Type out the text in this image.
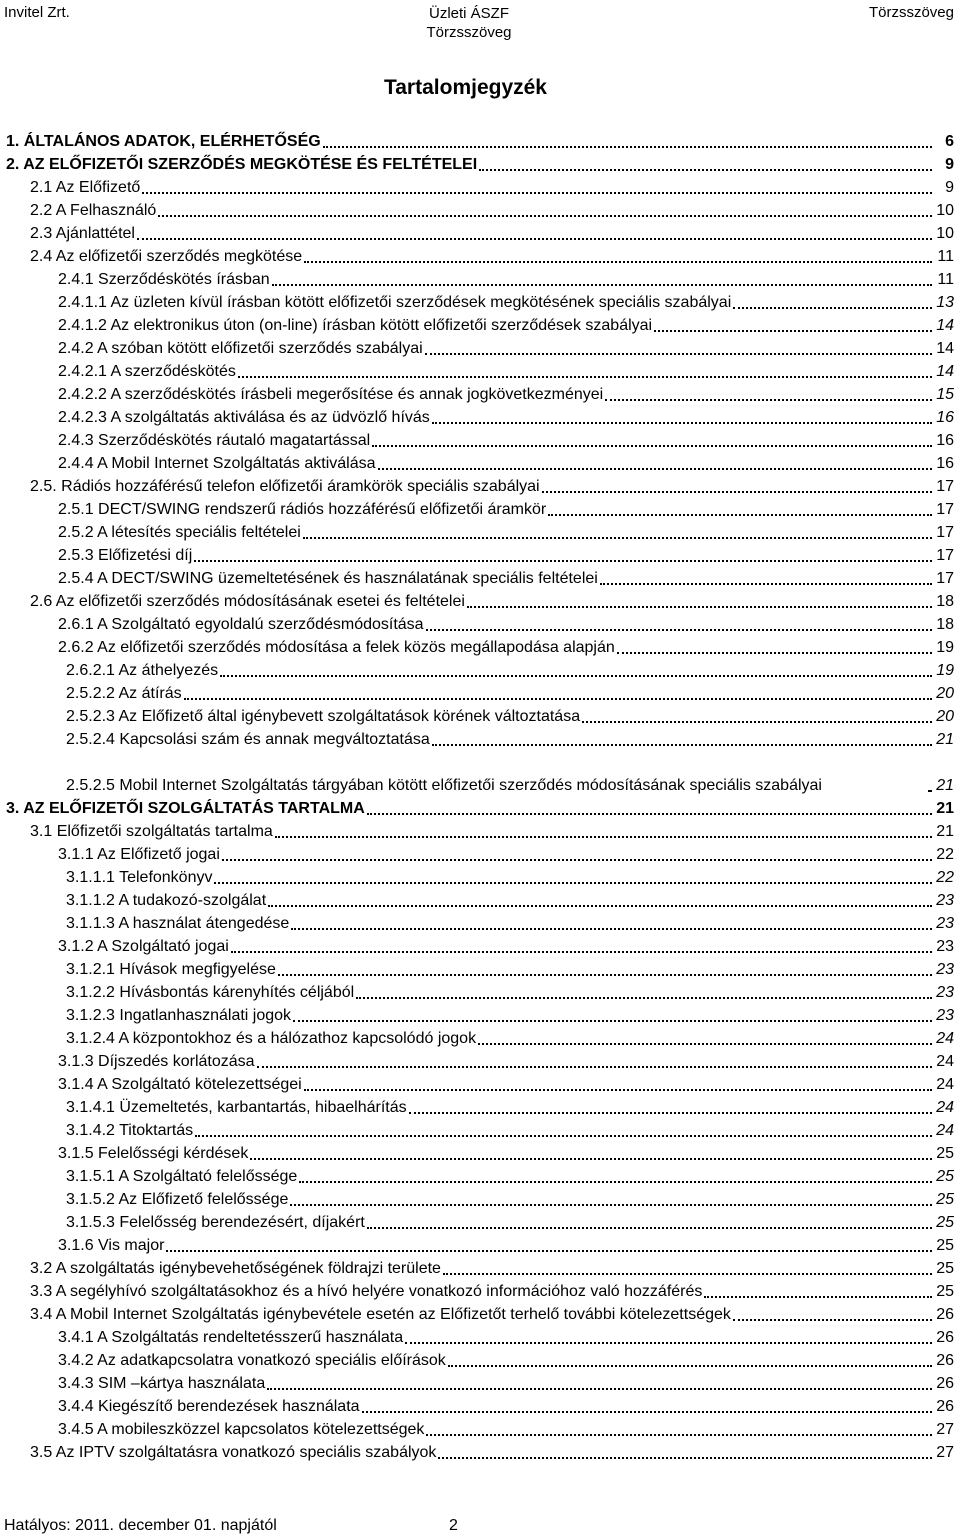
Invitel Zrt.	Üzleti ÁSZF
Törzsszöveg
Törzsszöveg
Tartalomjegyzék
1. ÁLTALÁNOS ADATOK, ELÉRHETŐSÉG	6
2. AZ ELŐFIZETŐI SZERZŐDÉS MEGKÖTÉSE ÉS FELTÉTELEI	9
2.1 Az Előfizető	9
2.2 A Felhasználó	10
2.3 Ajánlattétel	10
2.4 Az előfizetői szerződés megkötése	11
2.4.1 Szerződéskötés írásban	11
2.4.1.1 Az üzleten kívül írásban kötött előfizetői szerződések megkötésének speciális szabályai	13
2.4.1.2 Az elektronikus úton (on-line) írásban kötött előfizetői szerződések szabályai	14
2.4.2 A szóban kötött előfizetői szerződés szabályai	14
2.4.2.1 A szerződéskötés	14
2.4.2.2 A szerződéskötés írásbeli megerősítése és annak jogkövetkezményei	15
2.4.2.3 A szolgáltatás aktiválása és az üdvözlő hívás	16
2.4.3 Szerződéskötés ráutaló magatartással	16
2.4.4 A Mobil Internet Szolgáltatás aktiválása	16
2.5. Rádiós hozzáférésű telefon előfizetői áramkörök speciális szabályai	17
2.5.1 DECT/SWING rendszerű rádiós hozzáférésű előfizetői áramkör	17
2.5.2 A létesítés speciális feltételei	17
2.5.3 Előfizetési díj	17
2.5.4 A DECT/SWING üzemeltetésének és használatának speciális feltételei	17
2.6 Az előfizetői szerződés módosításának esetei és feltételei	18
2.6.1 A Szolgáltató egyoldalú szerződésmódosítása	18
2.6.2 Az előfizetői szerződés módosítása a felek közös megállapodása alapján	19
2.6.2.1 Az áthelyezés	19
2.5.2.2 Az átírás	20
2.5.2.3 Az Előfizető által igénybevett szolgáltatások körének változtatása	20
2.5.2.4 Kapcsolási szám és annak megváltoztatása	21
2.5.2.5 Mobil Internet Szolgáltatás tárgyában kötött előfizetői szerződés módosításának speciális szabályai	21
3. AZ ELŐFIZETŐI SZOLGÁLTATÁS TARTALMA	21
3.1 Előfizetői szolgáltatás tartalma	21
3.1.1 Az Előfizető jogai	22
3.1.1.1 Telefonkönyv	22
3.1.1.2 A tudakozó-szolgálat	23
3.1.1.3 A használat átengedése	23
3.1.2 A Szolgáltató jogai	23
3.1.2.1 Hívások megfigyelése	23
3.1.2.2 Hívásbontás kárenyhítés céljából	23
3.1.2.3 Ingatlanhasználati jogok	23
3.1.2.4 A központokhoz és a hálózathoz kapcsolódó jogok	24
3.1.3 Díjszedés korlátozása	24
3.1.4 A Szolgáltató kötelezettségei	24
3.1.4.1 Üzemeltetés, karbantartás, hibaelhárítás	24
3.1.4.2 Titoktartás	24
3.1.5 Felelősségi kérdések	25
3.1.5.1 A Szolgáltató felelőssége	25
3.1.5.2 Az Előfizető felelőssége	25
3.1.5.3 Felelősség berendezésért, díjakért	25
3.1.6 Vis major	25
3.2 A szolgáltatás igénybevehetőségének földrajzi területe	25
3.3 A segélyhívó szolgáltatásokhoz és a hívó helyére vonatkozó információhoz való hozzáférés	25
3.4 A Mobil Internet Szolgáltatás igénybevétele esetén az Előfizetőt terhelő további kötelezettségek	26
3.4.1 A Szolgáltatás rendeltetésszerű használata	26
3.4.2 Az adatkapcsolatra vonatkozó speciális előírások	26
3.4.3 SIM –kártya használata	26
3.4.4 Kiegészítő berendezések használata	26
3.4.5 A mobileszközzel kapcsolatos kötelezettségek	27
3.5 Az IPTV szolgáltatásra vonatkozó speciális szabályok	27
Hatályos: 2011. december 01. napjától	2
